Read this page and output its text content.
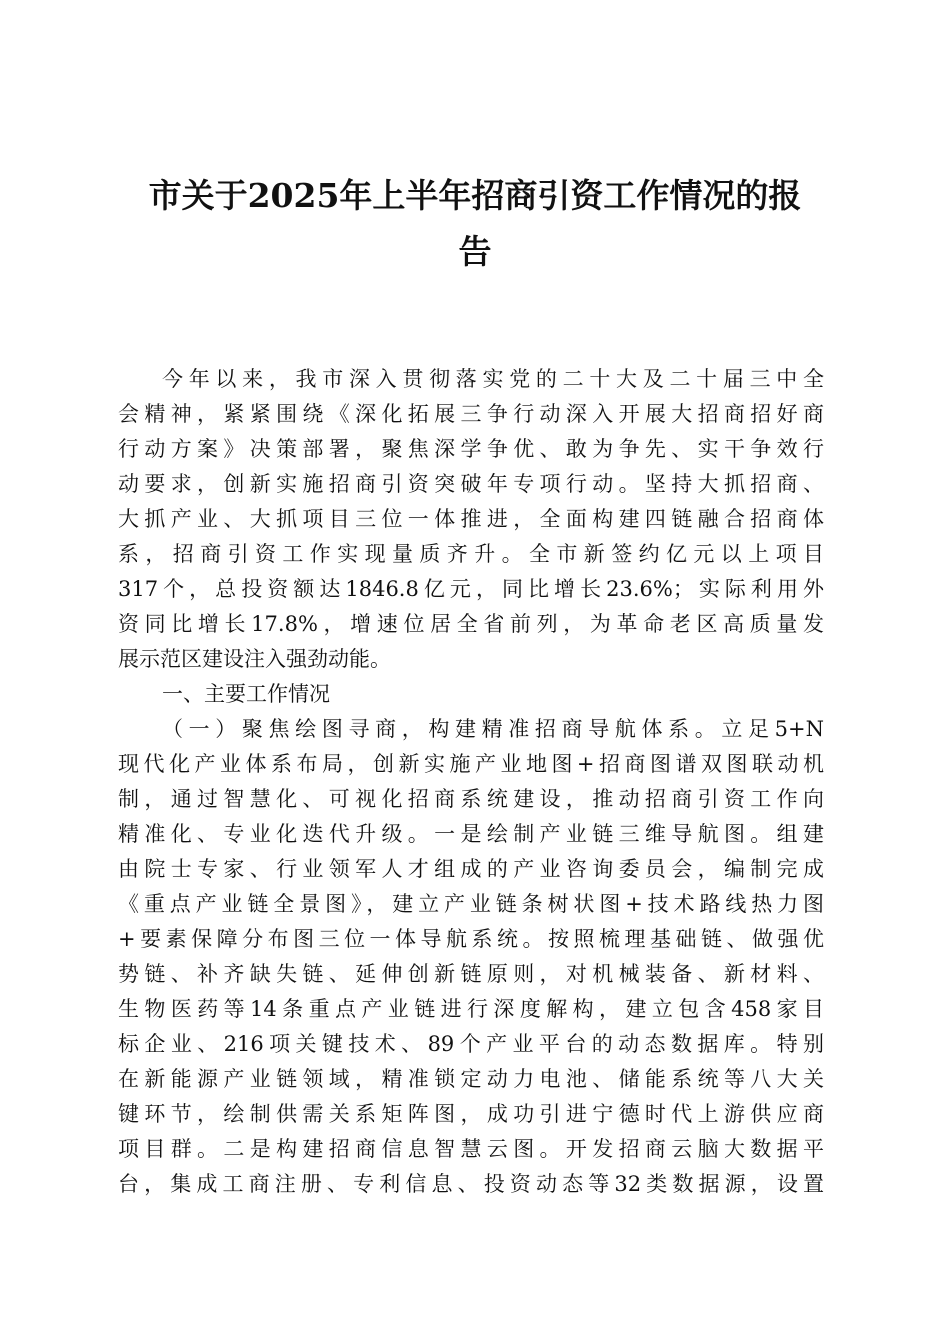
市关于2025年上半年招商引资工作情况的报
告
今年以来，我市深入贯彻落实党的二十大及二十届三中全
会精神，紧紧围绕《深化拓展三争行动深入开展大招商招好商
行动方案》决策部署，聚焦深学争优、敢为争先、实干争效行
动要求，创新实施招商引资突破年专项行动。坚持大抓招商、
大抓产业、大抓项目三位一体推进，全面构建四链融合招商体
系，招商引资工作实现量质齐升。全市新签约亿元以上项目
317个，总投资额达1846.8亿元，同比增长23.6%；实际利用外
资同比增长17.8%，增速位居全省前列，为革命老区高质量发
展示范区建设注入强劲动能。
一、主要工作情况
（一）聚焦绘图寻商，构建精准招商导航体系。立足5+N
现代化产业体系布局，创新实施产业地图+招商图谱双图联动机
制，通过智慧化、可视化招商系统建设，推动招商引资工作向
精准化、专业化迭代升级。一是绘制产业链三维导航图。组建
由院士专家、行业领军人才组成的产业咨询委员会，编制完成
《重点产业链全景图》，建立产业链条树状图+技术路线热力图
+要素保障分布图三位一体导航系统。按照梳理基础链、做强优
势链、补齐缺失链、延伸创新链原则，对机械装备、新材料、
生物医药等14条重点产业链进行深度解构，建立包含458家目
标企业、216项关键技术、89个产业平台的动态数据库。特别
在新能源产业链领域，精准锁定动力电池、储能系统等八大关
键环节，绘制供需关系矩阵图，成功引进宁德时代上游供应商
项目群。二是构建招商信息智慧云图。开发招商云脑大数据平
台，集成工商注册、专利信息、投资动态等32类数据源，设置
